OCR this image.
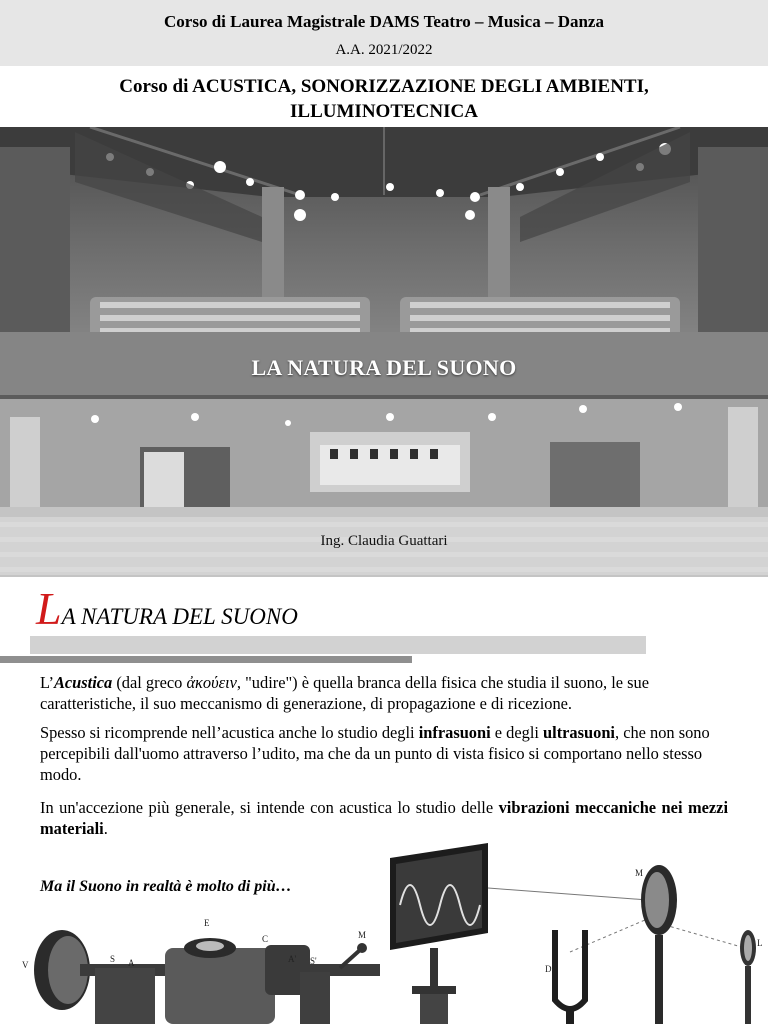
Corso di Laurea Magistrale DAMS Teatro – Musica – Danza
A.A. 2021/2022
Corso di ACUSTICA, SONORIZZAZIONE DEGLI AMBIENTI,
ILLUMINOTECNICA
LA NATURA DEL SUONO
Ing. Claudia Guattari
LA NATURA DEL SUONO
L’Acustica (dal greco ἀκούειν, "udire") è quella branca della fisica che studia il suono, le sue caratteristiche, il suo meccanismo di generazione, di propagazione e di ricezione.
Spesso si ricomprende nell’acustica anche lo studio degli infrasuoni e degli ultrasuoni, che non sono percepibili dall'uomo attraverso l’udito, ma che da un punto di vista fisico si comportano nello stesso modo.
In un'accezione più generale, si intende con acustica lo studio delle vibrazioni meccaniche nei mezzi materiali.
M
D
L
V
S A
E
C
A' S'
M
Ma il Suono in realtà è molto di più…
